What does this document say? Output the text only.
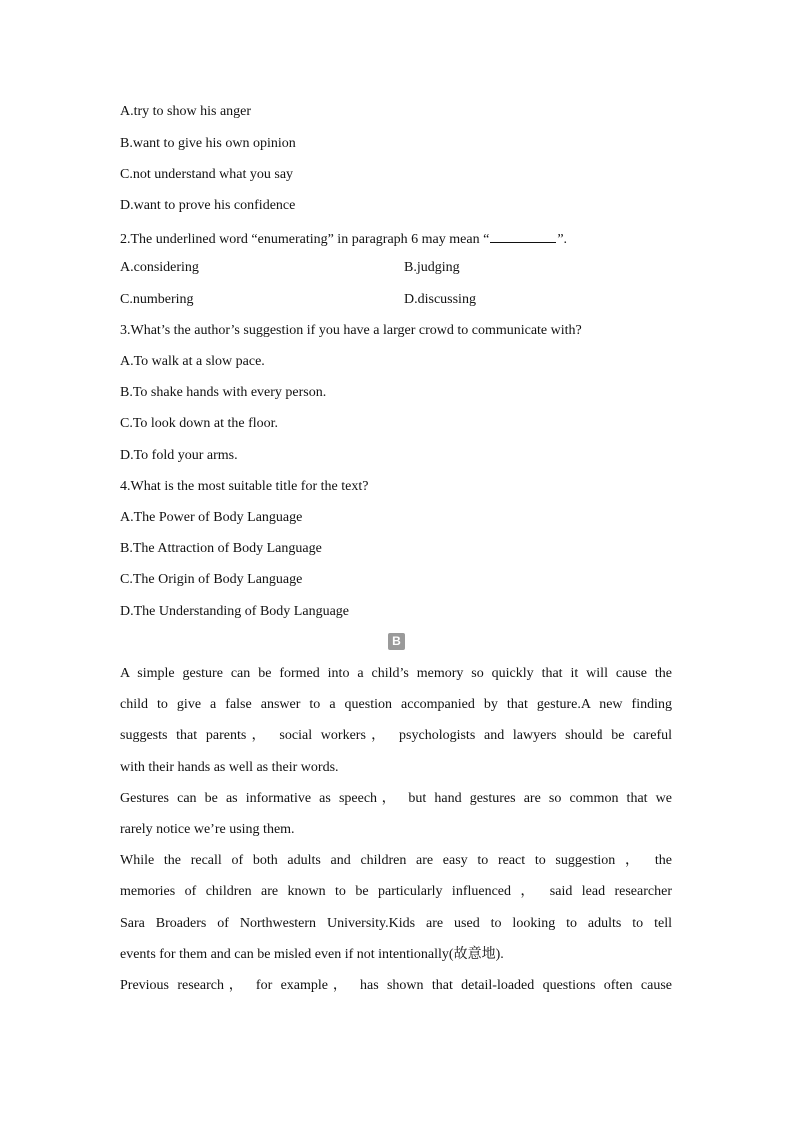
A.try to show his anger
B.want to give his own opinion
C.not understand what you say
D.want to prove his confidence
2.The underlined word “enumerating” in paragraph 6 may mean “	”.
A.considering	B.judging
C.numbering	D.discussing
3.What’s the author’s suggestion if you have a larger crowd to communicate with?
A.To walk at a slow pace.
B.To shake hands with every person.
C.To look down at the floor.
D.To fold your arms.
4.What is the most suitable title for the text?
A.The Power of Body Language
B.The Attraction of Body Language
C.The Origin of Body Language
D.The Understanding of Body Language
B
A simple gesture can be formed into a child’s memory so quickly that it will cause the
child to give a false answer to a question accompanied by that gesture.A new finding
suggests that parents， social workers， psychologists and lawyers should be careful
with their hands as well as their words.
Gestures can be as informative as speech， but hand gestures are so common that we
rarely notice we’re using them.
While the recall of both adults and children are easy to react to suggestion ， the
memories of children are known to be particularly influenced ， said lead researcher
Sara Broaders of Northwestern University.Kids are used to looking to adults to tell
events for them and can be misled even if not intentionally(故意地).
Previous research， for example， has shown that detail-loaded questions often cause
